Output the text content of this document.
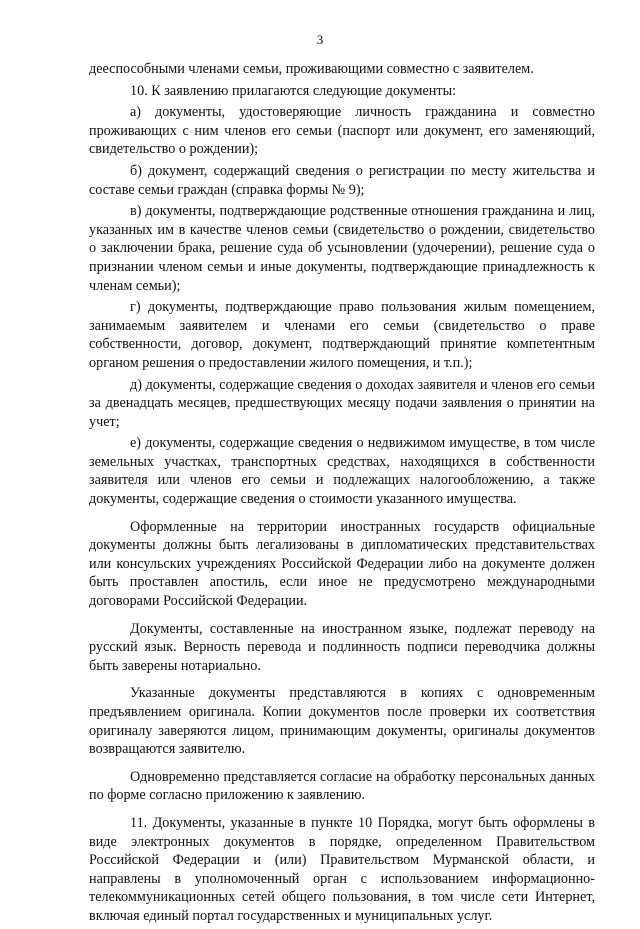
3

дееспособными членами семьи, проживающими совместно с заявителем.

10. К заявлению прилагаются следующие документы:

а) документы, удостоверяющие личность гражданина и совместно проживающих с ним членов его семьи (паспорт или документ, его заменяющий, свидетельство о рождении);

б) документ, содержащий сведения о регистрации по месту жительства и составе семьи граждан (справка формы № 9);

в) документы, подтверждающие родственные отношения гражданина и лиц, указанных им в качестве членов семьи (свидетельство о рождении, свидетельство о заключении брака, решение суда об усыновлении (удочерении), решение суда о признании членом семьи и иные документы, подтверждающие принадлежность к членам семьи);

г) документы, подтверждающие право пользования жилым помещением, занимаемым заявителем и членами его семьи (свидетельство о праве собственности, договор, документ, подтверждающий принятие компетентным органом решения о предоставлении жилого помещения, и т.п.);

д) документы, содержащие сведения о доходах заявителя и членов его семьи за двенадцать месяцев, предшествующих месяцу подачи заявления о принятии на учет;

е) документы, содержащие сведения о недвижимом имуществе, в том числе земельных участках, транспортных средствах, находящихся в собственности заявителя или членов его семьи и подлежащих налогообложению, а также документы, содержащие сведения о стоимости указанного имущества.

Оформленные на территории иностранных государств официальные документы должны быть легализованы в дипломатических представительствах или консульских учреждениях Российской Федерации либо на документе должен быть проставлен апостиль, если иное не предусмотрено международными договорами Российской Федерации.

Документы, составленные на иностранном языке, подлежат переводу на русский язык. Верность перевода и подлинность подписи переводчика должны быть заверены нотариально.

Указанные документы представляются в копиях с одновременным предъявлением оригинала. Копии документов после проверки их соответствия оригиналу заверяются лицом, принимающим документы, оригиналы документов возвращаются заявителю.

Одновременно представляется согласие на обработку персональных данных по форме согласно приложению к заявлению.

11. Документы, указанные в пункте 10 Порядка, могут быть оформлены в виде электронных документов в порядке, определенном Правительством Российской Федерации и (или) Правительством Мурманской области, и направлены в уполномоченный орган с использованием информационно-телекоммуникационных сетей общего пользования, в том числе сети Интернет, включая единый портал государственных и муниципальных услуг.
